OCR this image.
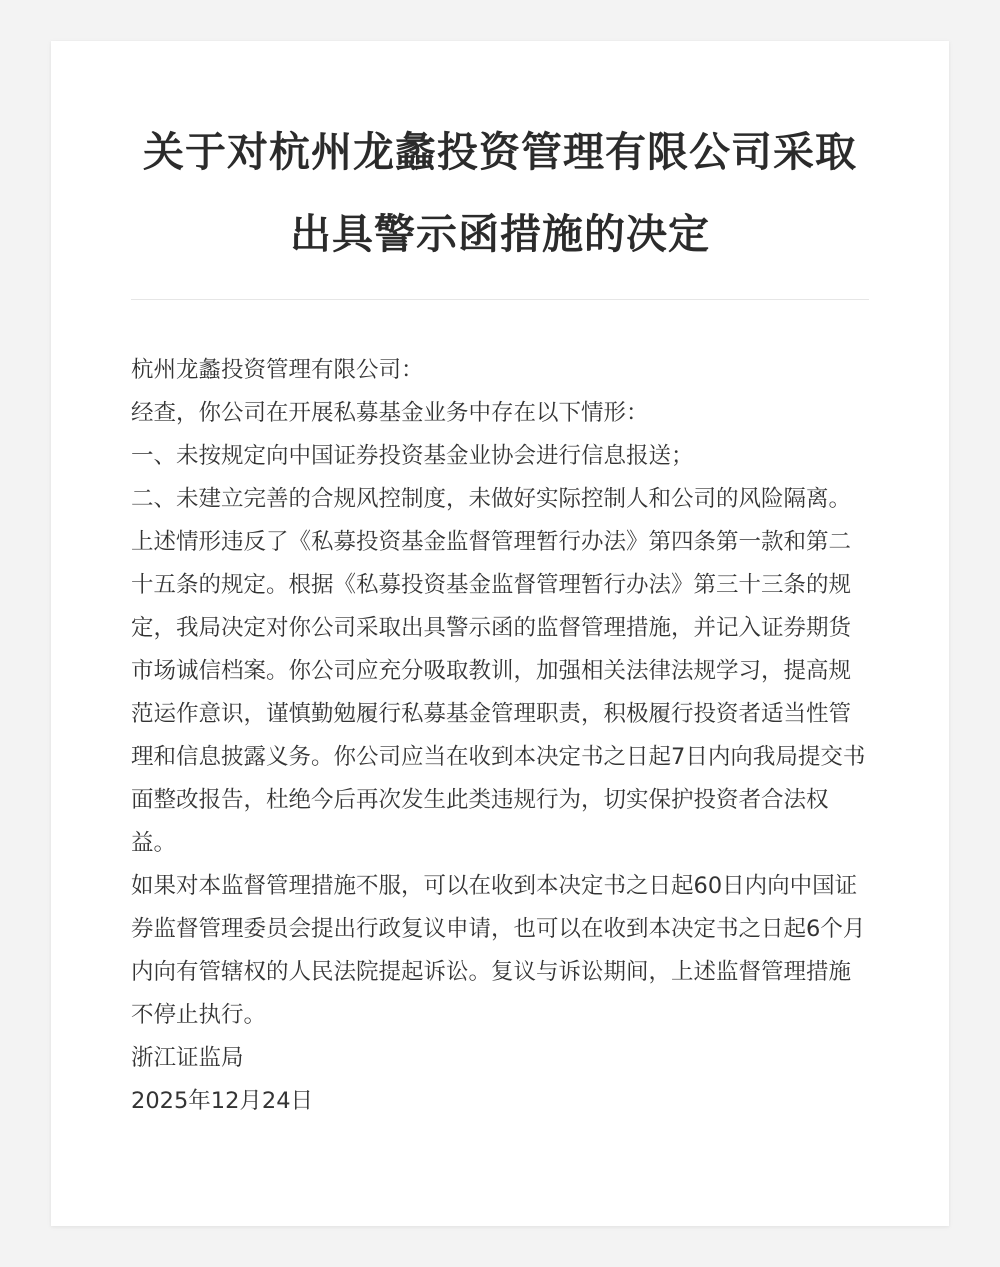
关于对杭州龙蠡投资管理有限公司采取出具警示函措施的决定

杭州龙蠡投资管理有限公司：

经查，你公司在开展私募基金业务中存在以下情形：

一、未按规定向中国证券投资基金业协会进行信息报送；

二、未建立完善的合规风控制度，未做好实际控制人和公司的风险隔离。

上述情形违反了《私募投资基金监督管理暂行办法》第四条第一款和第二十五条的规定。根据《私募投资基金监督管理暂行办法》第三十三条的规定，我局决定对你公司采取出具警示函的监督管理措施，并记入证券期货市场诚信档案。你公司应充分吸取教训，加强相关法律法规学习，提高规范运作意识，谨慎勤勉履行私募基金管理职责，积极履行投资者适当性管理和信息披露义务。你公司应当在收到本决定书之日起7日内向我局提交书面整改报告，杜绝今后再次发生此类违规行为，切实保护投资者合法权益。

如果对本监督管理措施不服，可以在收到本决定书之日起60日内向中国证券监督管理委员会提出行政复议申请，也可以在收到本决定书之日起6个月内向有管辖权的人民法院提起诉讼。复议与诉讼期间，上述监督管理措施不停止执行。

浙江证监局

2025年12月24日
